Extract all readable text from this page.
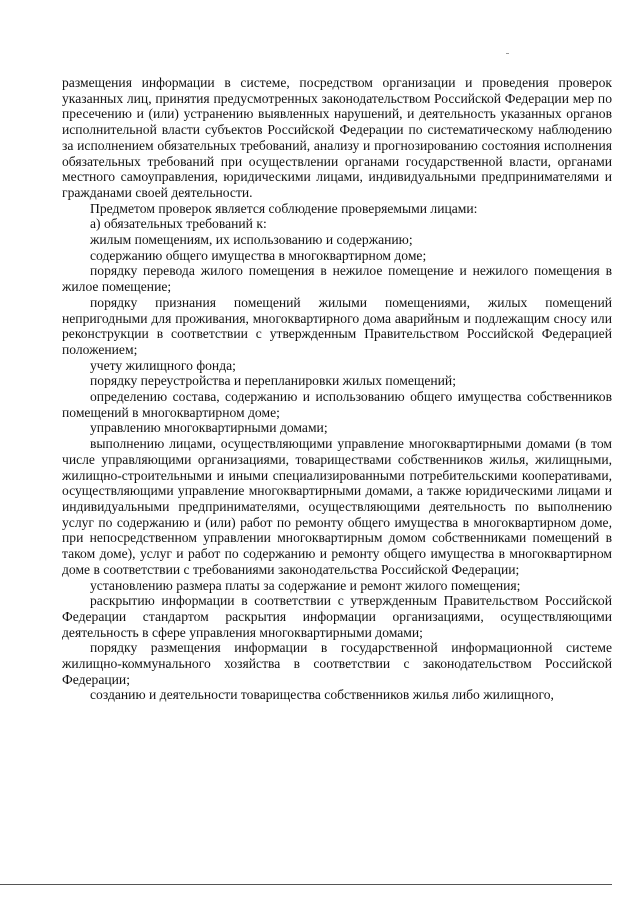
размещения информации в системе, посредством организации и проведения проверок указанных лиц, принятия предусмотренных законодательством Российской Федерации мер по пресечению и (или) устранению выявленных нарушений, и деятельность указанных органов исполнительной власти субъектов Российской Федерации по систематическому наблюдению за исполнением обязательных требований, анализу и прогнозированию состояния исполнения обязательных требований при осуществлении органами государственной власти, органами местного самоуправления, юридическими лицами, индивидуальными предпринимателями и гражданами своей деятельности.

Предметом проверок является соблюдение проверяемыми лицами:

а) обязательных требований к:

жилым помещениям, их использованию и содержанию;

содержанию общего имущества в многоквартирном доме;

порядку перевода жилого помещения в нежилое помещение и нежилого помещения в жилое помещение;

порядку признания помещений жилыми помещениями, жилых помещений непригодными для проживания, многоквартирного дома аварийным и подлежащим сносу или реконструкции в соответствии с утвержденным Правительством Российской Федерацией положением;

учету жилищного фонда;

порядку переустройства и перепланировки жилых помещений;

определению состава, содержанию и использованию общего имущества собственников помещений в многоквартирном доме;

управлению многоквартирными домами;

выполнению лицами, осуществляющими управление многоквартирными домами (в том числе управляющими организациями, товариществами собственников жилья, жилищными, жилищно-строительными и иными специализированными потребительскими кооперативами, осуществляющими управление многоквартирными домами, а также юридическими лицами и индивидуальными предпринимателями, осуществляющими деятельность по выполнению услуг по содержанию и (или) работ по ремонту общего имущества в многоквартирном доме, при непосредственном управлении многоквартирным домом собственниками помещений в таком доме), услуг и работ по содержанию и ремонту общего имущества в многоквартирном доме в соответствии с требованиями законодательства Российской Федерации;

установлению размера платы за содержание и ремонт жилого помещения;

раскрытию информации в соответствии с утвержденным Правительством Российской Федерации стандартом раскрытия информации организациями, осуществляющими деятельность в сфере управления многоквартирными домами;

порядку размещения информации в государственной информационной системе жилищно-коммунального хозяйства в соответствии с законодательством Российской Федерации;

созданию и деятельности товарищества собственников жилья либо жилищного,
